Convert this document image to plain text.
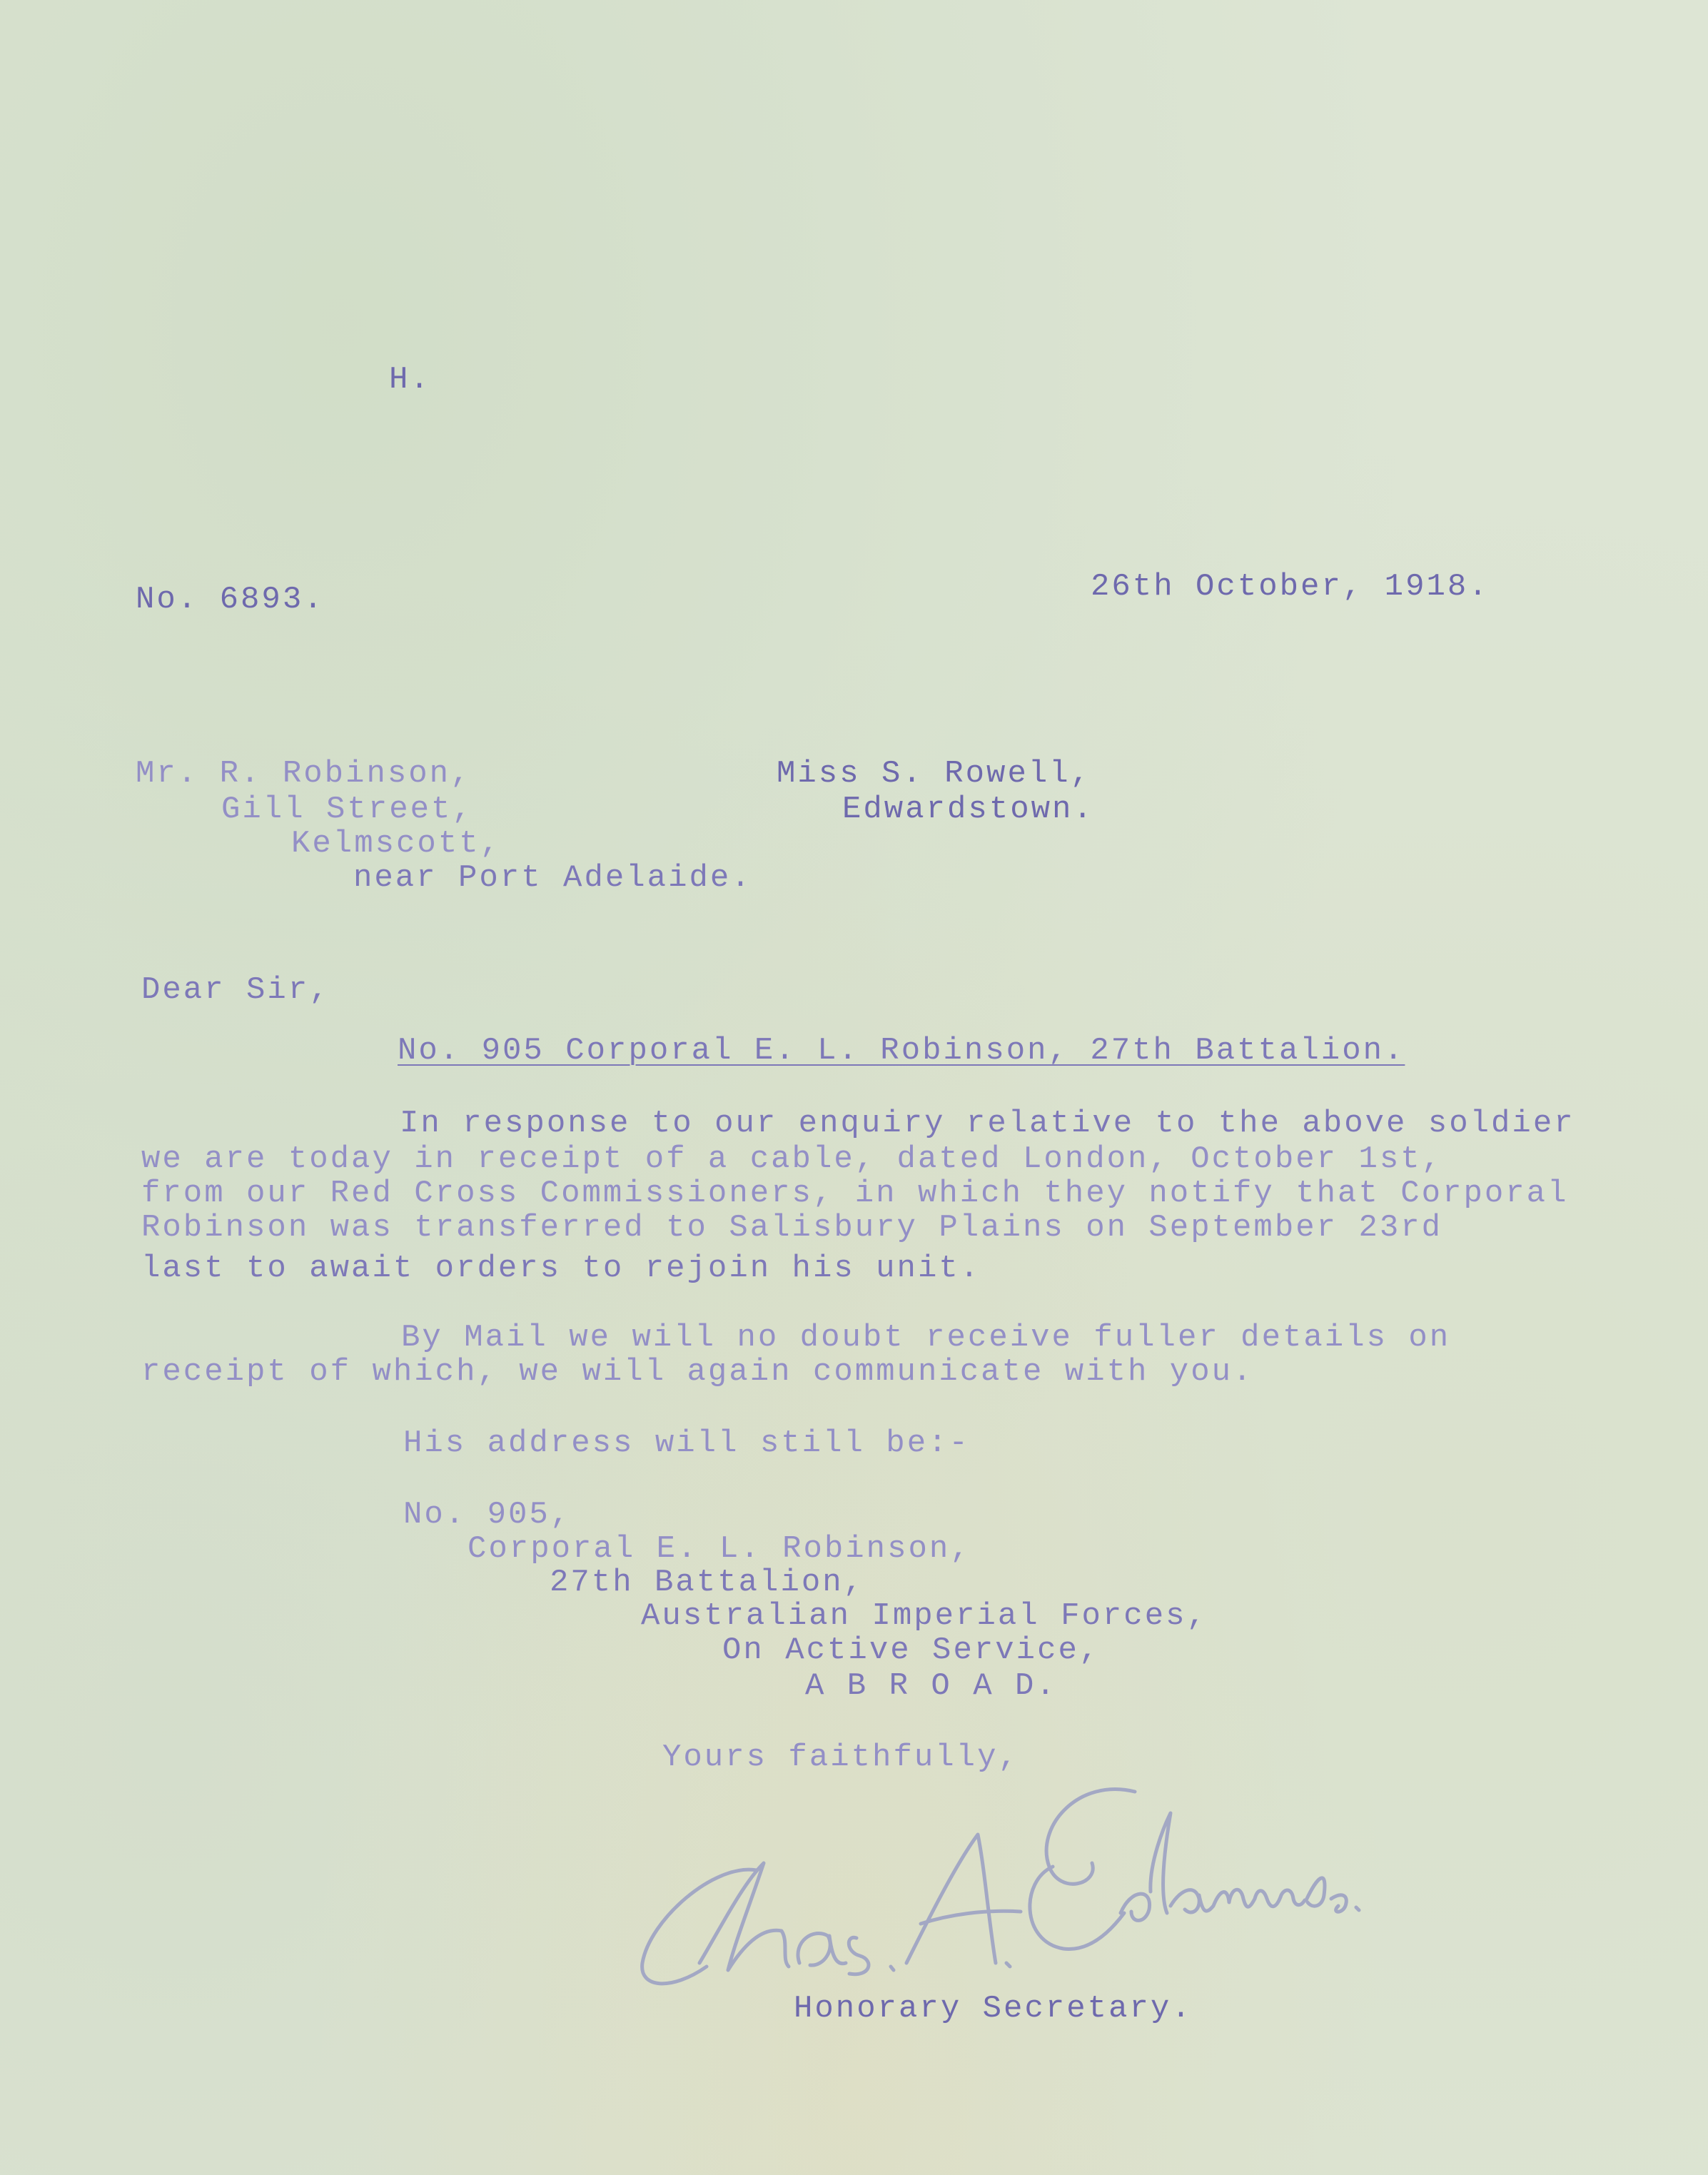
H.
No. 6893.	26th October, 1918.
Mr. R. Robinson,
Gill Street,
Kelmscott,
near Port Adelaide.
Miss S. Rowell,
Edwardstown.
Dear Sir,
No. 905 Corporal E. L. Robinson, 27th Battalion.
In response to our enquiry relative to the above soldier
we are today in receipt of a cable, dated London, October 1st,
from our Red Cross Commissioners, in which they notify that Corporal
Robinson was transferred to Salisbury Plains on September 23rd
last to await orders to rejoin his unit.
By Mail we will no doubt receive fuller details on
receipt of which, we will again communicate with you.
His address will still be:-
No. 905,
Corporal E. L. Robinson,
27th Battalion,
Australian Imperial Forces,
On Active Service,
A B R O A D.
Yours faithfully,
Honorary Secretary.
